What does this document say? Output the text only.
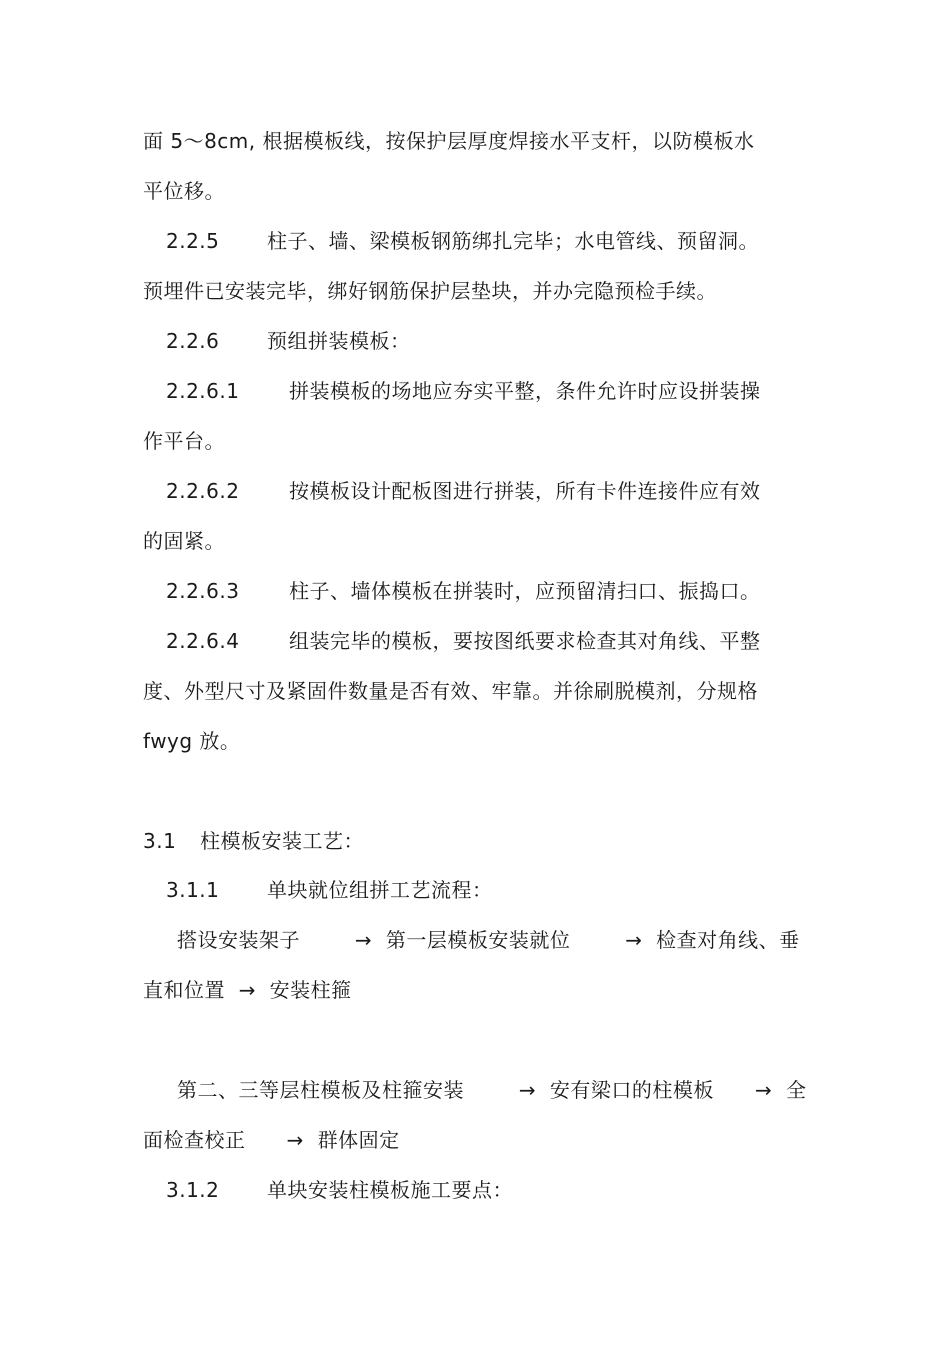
面 5～8cm, 根据模板线，按保护层厚度焊接水平支杆，以防模板水
平位移。
2.2.5 柱子、墙、梁模板钢筋绑扎完毕；水电管线、预留洞。
预埋件已安装完毕，绑好钢筋保护层垫块，并办完隐预检手续。
2.2.6 预组拼装模板：
2.2.6.1 拼装模板的场地应夯实平整，条件允许时应设拼装操
作平台。
2.2.6.2 按模板设计配板图进行拼装，所有卡件连接件应有效
的固紧。
2.2.6.3 柱子、墙体模板在拼装时，应预留清扫口、振捣口。
2.2.6.4 组装完毕的模板，要按图纸要求检查其对角线、平整
度、外型尺寸及紧固件数量是否有效、牢靠。并徐刷脱模剂，分规格
fwyg 放。
3.1 柱模板安装工艺：
3.1.1 单块就位组拼工艺流程：
搭设安装架子        →  第一层模板安装就位        →  检查对角线、垂
直和位置  →  安装柱箍
第二、三等层柱模板及柱箍安装        →  安有梁口的柱模板      →  全
面检查校正      →  群体固定
3.1.2 单块安装柱模板施工要点：
